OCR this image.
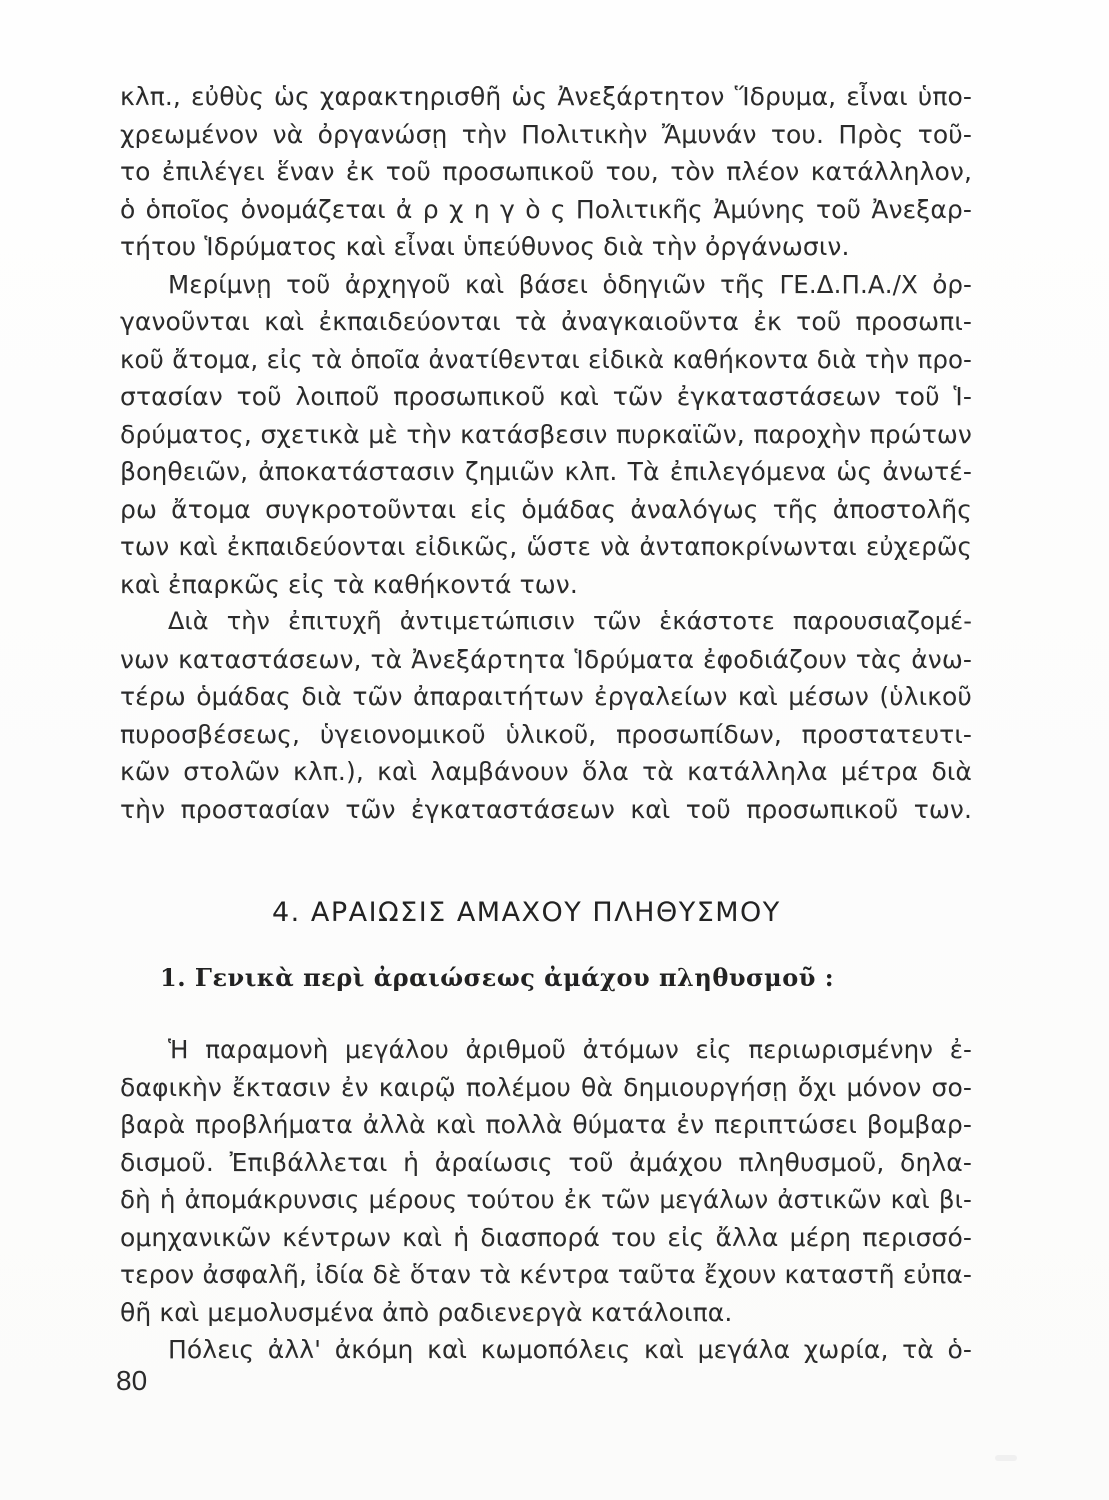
κλπ., εὐθὺς ὡς χαρακτηρισθῆ ὡς Ἀνεξάρτητον Ἵδρυμα, εἶναι ὑπο-
χρεωμένον νὰ ὀργανώσῃ τὴν Πολιτικὴν Ἄμυνάν του. Πρὸς τοῦ-
το ἐπιλέγει ἕναν ἐκ τοῦ προσωπικοῦ του, τὸν πλέον κατάλληλον,
ὁ ὁποῖος ὀνομάζεται ἀ ρ χ η γ ὸ ς Πολιτικῆς Ἀμύνης τοῦ Ἀνεξαρ-
τήτου Ἱδρύματος καὶ εἶναι ὑπεύθυνος διὰ τὴν ὀργάνωσιν.
Μερίμνῃ τοῦ ἀρχηγοῦ καὶ βάσει ὁδηγιῶν τῆς ΓΕ.Δ.Π.Α./Χ ὀρ-
γανοῦνται καὶ ἐκπαιδεύονται τὰ ἀναγκαιοῦντα ἐκ τοῦ προσωπι-
κοῦ ἄτομα, εἰς τὰ ὁποῖα ἀνατίθενται εἰδικὰ καθήκοντα διὰ τὴν προ-
στασίαν τοῦ λοιποῦ προσωπικοῦ καὶ τῶν ἐγκαταστάσεων τοῦ Ἱ-
δρύματος, σχετικὰ μὲ τὴν κατάσβεσιν πυρκαϊῶν, παροχὴν πρώτων
βοηθειῶν, ἀποκατάστασιν ζημιῶν κλπ. Τὰ ἐπιλεγόμενα ὡς ἀνωτέ-
ρω ἄτομα συγκροτοῦνται εἰς ὁμάδας ἀναλόγως τῆς ἀποστολῆς
των καὶ ἐκπαιδεύονται εἰδικῶς, ὥστε νὰ ἀνταποκρίνωνται εὐχερῶς
καὶ ἐπαρκῶς εἰς τὰ καθήκοντά των.
Διὰ τὴν ἐπιτυχῆ ἀντιμετώπισιν τῶν ἑκάστοτε παρουσιαζομέ-
νων καταστάσεων, τὰ Ἀνεξάρτητα Ἱδρύματα ἐφοδιάζουν τὰς ἀνω-
τέρω ὁμάδας διὰ τῶν ἀπαραιτήτων ἐργαλείων καὶ μέσων (ὑλικοῦ
πυροσβέσεως, ὑγειονομικοῦ ὑλικοῦ, προσωπίδων, προστατευτι-
κῶν στολῶν κλπ.), καὶ λαμβάνουν ὅλα τὰ κατάλληλα μέτρα διὰ
τὴν προστασίαν τῶν ἐγκαταστάσεων καὶ τοῦ προσωπικοῦ των.
4. ΑΡΑΙΩΣΙΣ ΑΜΑΧΟΥ ΠΛΗΘΥΣΜΟΥ
1. Γενικὰ περὶ ἀραιώσεως ἀμάχου πληθυσμοῦ :
Ἡ παραμονὴ μεγάλου ἀριθμοῦ ἀτόμων εἰς περιωρισμένην ἐ-
δαφικὴν ἔκτασιν ἐν καιρῷ πολέμου θὰ δημιουργήσῃ ὄχι μόνον σο-
βαρὰ προβλήματα ἀλλὰ καὶ πολλὰ θύματα ἐν περιπτώσει βομβαρ-
δισμοῦ. Ἐπιβάλλεται ἡ ἀραίωσις τοῦ ἀμάχου πληθυσμοῦ, δηλα-
δὴ ἡ ἀπομάκρυνσις μέρους τούτου ἐκ τῶν μεγάλων ἀστικῶν καὶ βι-
ομηχανικῶν κέντρων καὶ ἡ διασπορά του εἰς ἄλλα μέρη περισσό-
τερον ἀσφαλῆ, ἰδία δὲ ὅταν τὰ κέντρα ταῦτα ἔχουν καταστῆ εὐπα-
θῆ καὶ μεμολυσμένα ἀπὸ ραδιενεργὰ κατάλοιπα.
Πόλεις ἀλλ' ἀκόμη καὶ κωμοπόλεις καὶ μεγάλα χωρία, τὰ ὁ-
80
